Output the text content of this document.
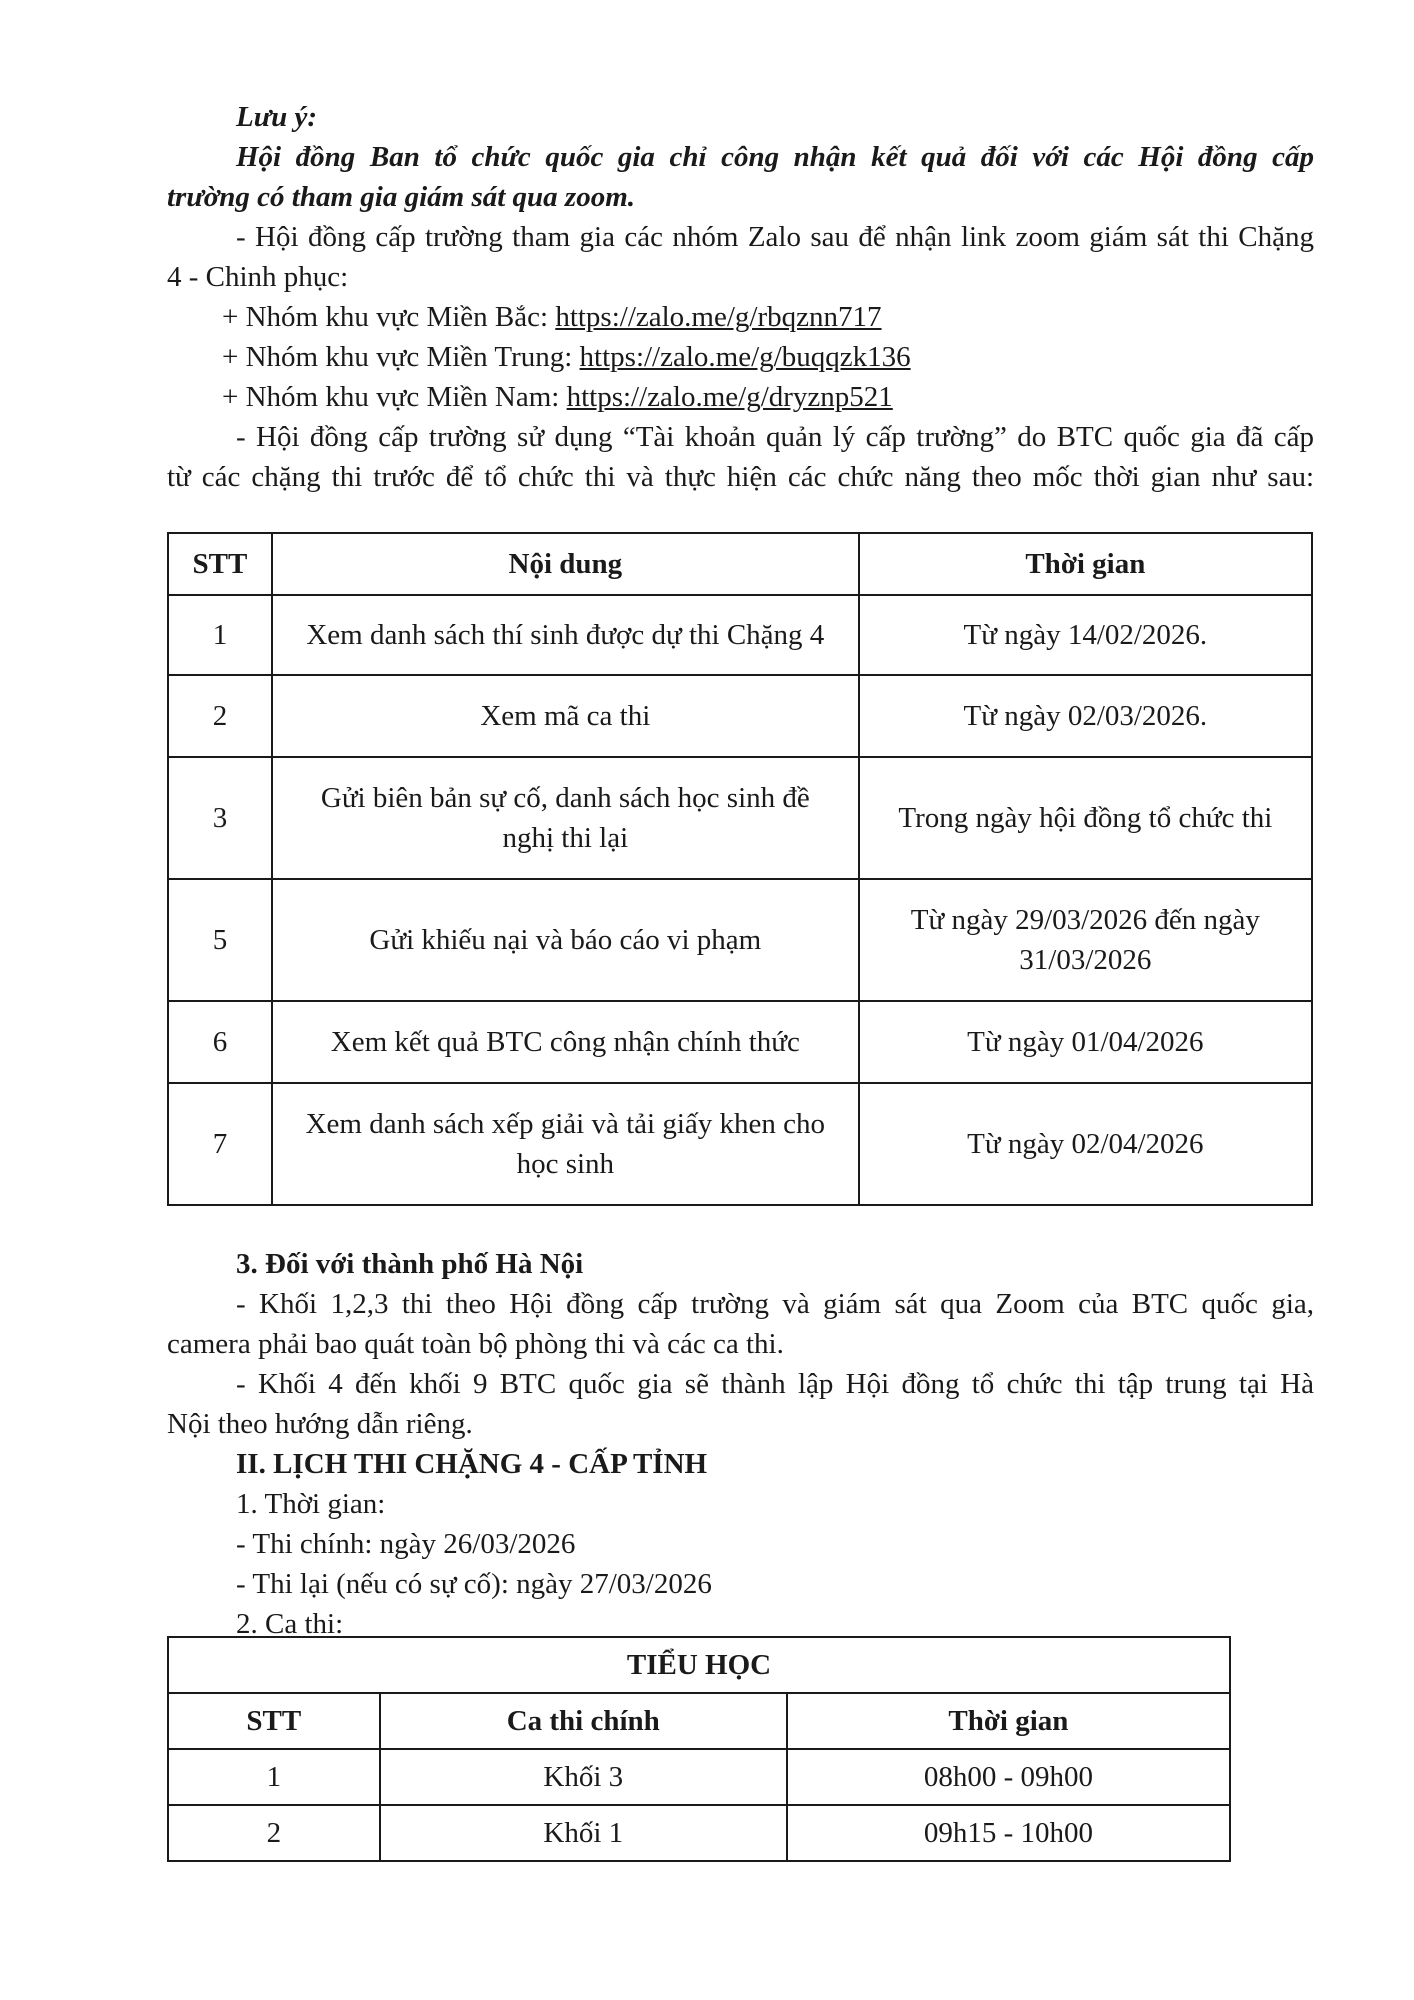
Lưu ý:
Hội đồng Ban tổ chức quốc gia chỉ công nhận kết quả đối với các Hội đồng cấp
trường có tham gia giám sát qua zoom.
- Hội đồng cấp trường tham gia các nhóm Zalo sau để nhận link zoom giám sát thi Chặng
4 - Chinh phục:
+ Nhóm khu vực Miền Bắc: https://zalo.me/g/rbqznn717
+ Nhóm khu vực Miền Trung: https://zalo.me/g/buqqzk136
+ Nhóm khu vực Miền Nam: https://zalo.me/g/dryznp521
- Hội đồng cấp trường sử dụng “Tài khoản quản lý cấp trường” do BTC quốc gia đã cấp
từ các chặng thi trước để tổ chức thi và thực hiện các chức năng theo mốc thời gian như sau:
STT	Nội dung	Thời gian
1	Xem danh sách thí sinh được dự thi Chặng 4	Từ ngày 14/02/2026.
2	Xem mã ca thi	Từ ngày 02/03/2026.
3	Gửi biên bản sự cố, danh sách học sinh đề
nghị thi lại	Trong ngày hội đồng tổ chức thi
5	Gửi khiếu nại và báo cáo vi phạm	Từ ngày 29/03/2026 đến ngày
31/03/2026

6	Xem kết quả BTC công nhận chính thức	Từ ngày 01/04/2026
7	Xem danh sách xếp giải và tải giấy khen cho
học sinh	Từ ngày 02/04/2026
3. Đối với thành phố Hà Nội
- Khối 1,2,3 thi theo Hội đồng cấp trường và giám sát qua Zoom của BTC quốc gia,
camera phải bao quát toàn bộ phòng thi và các ca thi.
- Khối 4 đến khối 9 BTC quốc gia sẽ thành lập Hội đồng tổ chức thi tập trung tại Hà
Nội theo hướng dẫn riêng.
II. LỊCH THI CHẶNG 4 - CẤP TỈNH
1. Thời gian:
- Thi chính: ngày 26/03/2026
- Thi lại (nếu có sự cố): ngày 27/03/2026
2. Ca thi:
TIỂU HỌC		
STT	Ca thi chính	Thời gian
1	Khối 3	08h00 - 09h00
2	Khối 1	09h15 - 10h00
